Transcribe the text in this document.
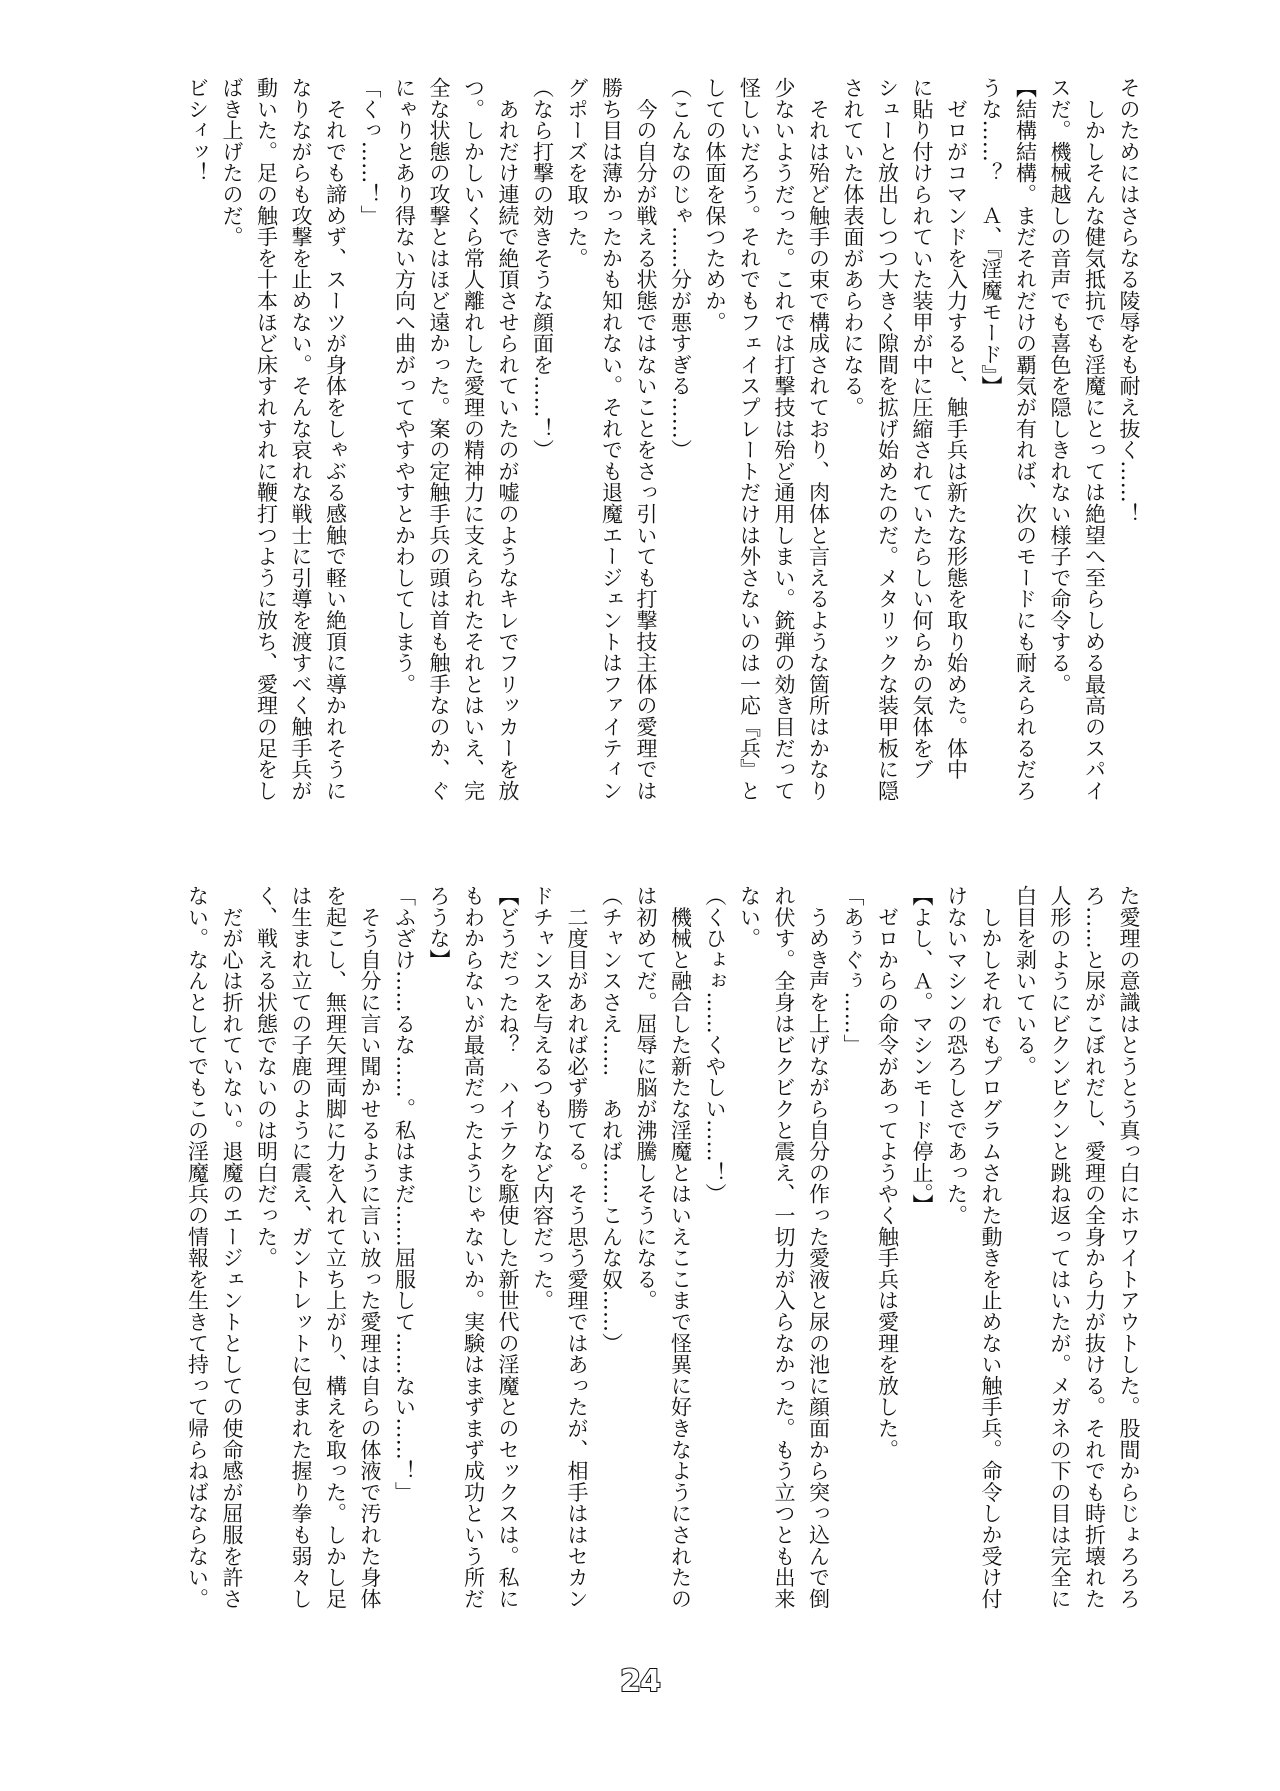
そのためにはさらなる陵辱をも耐え抜く……！
　しかしそんな健気抵抗でも淫魔にとっては絶望へ至らしめる最高のスパイ
スだ。機械越しの音声でも喜色を隠しきれない様子で命令する。
【結構結構。まだそれだけの覇気が有れば、次のモードにも耐えられるだろ
うな……？　Ａ、『淫魔モード』】
　ゼロがコマンドを入力すると、触手兵は新たな形態を取り始めた。体中
に貼り付けられていた装甲が中に圧縮されていたらしい何らかの気体をブ
シューと放出しつつ大きく隙間を拡げ始めたのだ。メタリックな装甲板に隠
されていた体表面があらわになる。
　それは殆ど触手の束で構成されており、肉体と言えるような箇所はかなり
少ないようだった。これでは打撃技は殆ど通用しまい。銃弾の効き目だって
怪しいだろう。それでもフェイスプレートだけは外さないのは一応『兵』と
しての体面を保つためか。
（こんなのじゃ……分が悪すぎる……）
　今の自分が戦える状態ではないことをさっ引いても打撃技主体の愛理では
勝ち目は薄かったかも知れない。それでも退魔エージェントはファイティン
グポーズを取った。
（なら打撃の効きそうな顔面を……！）
　あれだけ連続で絶頂させられていたのが嘘のようなキレでフリッカーを放
つ。しかしいくら常人離れした愛理の精神力に支えられたそれとはいえ、完
全な状態の攻撃とはほど遠かった。案の定触手兵の頭は首も触手なのか、ぐ
にゃりとあり得ない方向へ曲がってやすやすとかわしてしまう。
「くっ……！」
　それでも諦めず、スーツが身体をしゃぶる感触で軽い絶頂に導かれそうに
なりながらも攻撃を止めない。そんな哀れな戦士に引導を渡すべく触手兵が
動いた。足の触手を十本ほど床すれすれに鞭打つように放ち、愛理の足をし
ばき上げたのだ。
ビシィッ！
た愛理の意識はとうとう真っ白にホワイトアウトした。股間からじょろろろ
ろ……と尿がこぼれだし、愛理の全身から力が抜ける。それでも時折壊れた
人形のようにビクンビクンと跳ね返ってはいたが。メガネの下の目は完全に
白目を剥いている。
　しかしそれでもプログラムされた動きを止めない触手兵。命令しか受け付
けないマシンの恐ろしさであった。
【よし、Ａ。マシンモード停止。】
　ゼロからの命令があってようやく触手兵は愛理を放した。
「あぅぐぅ……」
　うめき声を上げながら自分の作った愛液と尿の池に顔面から突っ込んで倒
れ伏す。全身はビクビクと震え、一切力が入らなかった。もう立つとも出来
ない。
（くひょぉ……くやしい……！）
　機械と融合した新たな淫魔とはいえここまで怪異に好きなようにされたの
は初めてだ。屈辱に脳が沸騰しそうになる。
（チャンスさえ……　あれば……こんな奴……）
　二度目があれば必ず勝てる。そう思う愛理ではあったが、相手ははセカン
ドチャンスを与えるつもりなど内容だった。
【どうだったね？　ハイテクを駆使した新世代の淫魔とのセックスは。私に
もわからないが最高だったようじゃないか。実験はまずまず成功という所だ
ろうな】
「ふざけ……るな……。私はまだ……屈服して……ない……！」
　そう自分に言い聞かせるように言い放った愛理は自らの体液で汚れた身体
を起こし、無理矢理両脚に力を入れて立ち上がり、構えを取った。しかし足
は生まれ立ての子鹿のように震え、ガントレットに包まれた握り拳も弱々し
く、戦える状態でないのは明白だった。
　だが心は折れていない。退魔のエージェントとしての使命感が屈服を許さ
ない。なんとしてでもこの淫魔兵の情報を生きて持って帰らねばならない。
24
